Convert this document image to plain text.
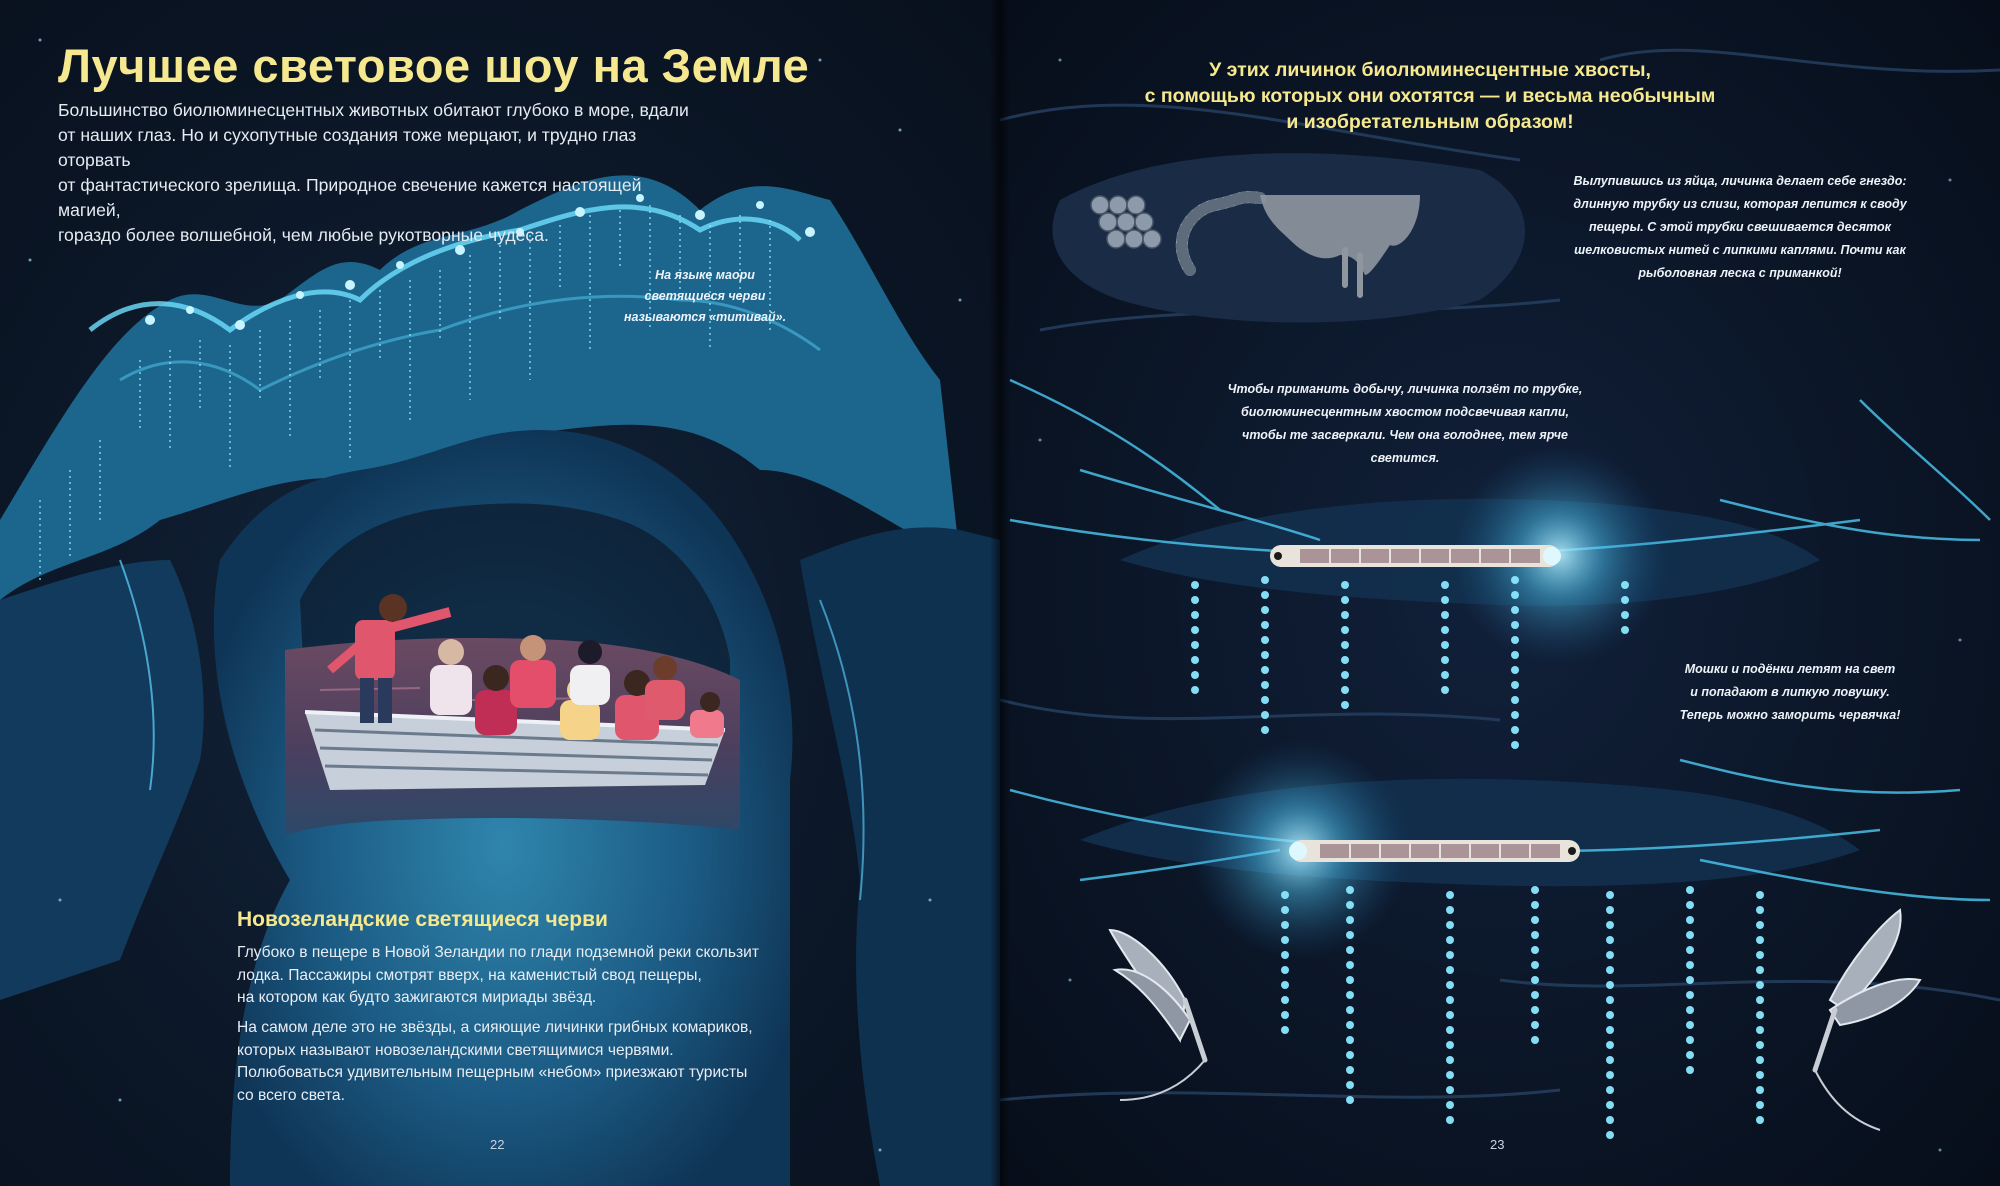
Лучшее световое шоу на Земле

Большинство биолюминесцентных животных обитают глубоко в море, вдали
от наших глаз. Но и сухопутные создания тоже мерцают, и трудно глаз оторвать
от фантастического зрелища. Природное свечение кажется настоящей магией,
гораздо более волшебной, чем любые рукотворные чудеса.

На языке маори
светящиеся черви
называются «титивай».

Новозеландские светящиеся черви

Глубоко в пещере в Новой Зеландии по глади подземной реки скользит
лодка. Пассажиры смотрят вверх, на каменистый свод пещеры,
на котором как будто зажигаются мириады звёзд.

На самом деле это не звёзды, а сияющие личинки грибных комариков,
которых называют новозеландскими светящимися червями.
Полюбоваться удивительным пещерным «небом» приезжают туристы
со всего света.

22

У этих личинок биолюминесцентные хвосты,
с помощью которых они охотятся — и весьма необычным
и изобретательным образом!

Вылупившись из яйца, личинка делает себе гнездо:
длинную трубку из слизи, которая лепится к своду
пещеры. С этой трубки свешивается десяток
шелковистых нитей с липкими каплями. Почти как
рыболовная леска с приманкой!

Чтобы приманить добычу, личинка ползёт по трубке,
биолюминесцентным хвостом подсвечивая капли,
чтобы те засверкали. Чем она голоднее, тем ярче
светится.

Мошки и подёнки летят на свет
и попадают в липкую ловушку.
Теперь можно заморить червячка!

23
